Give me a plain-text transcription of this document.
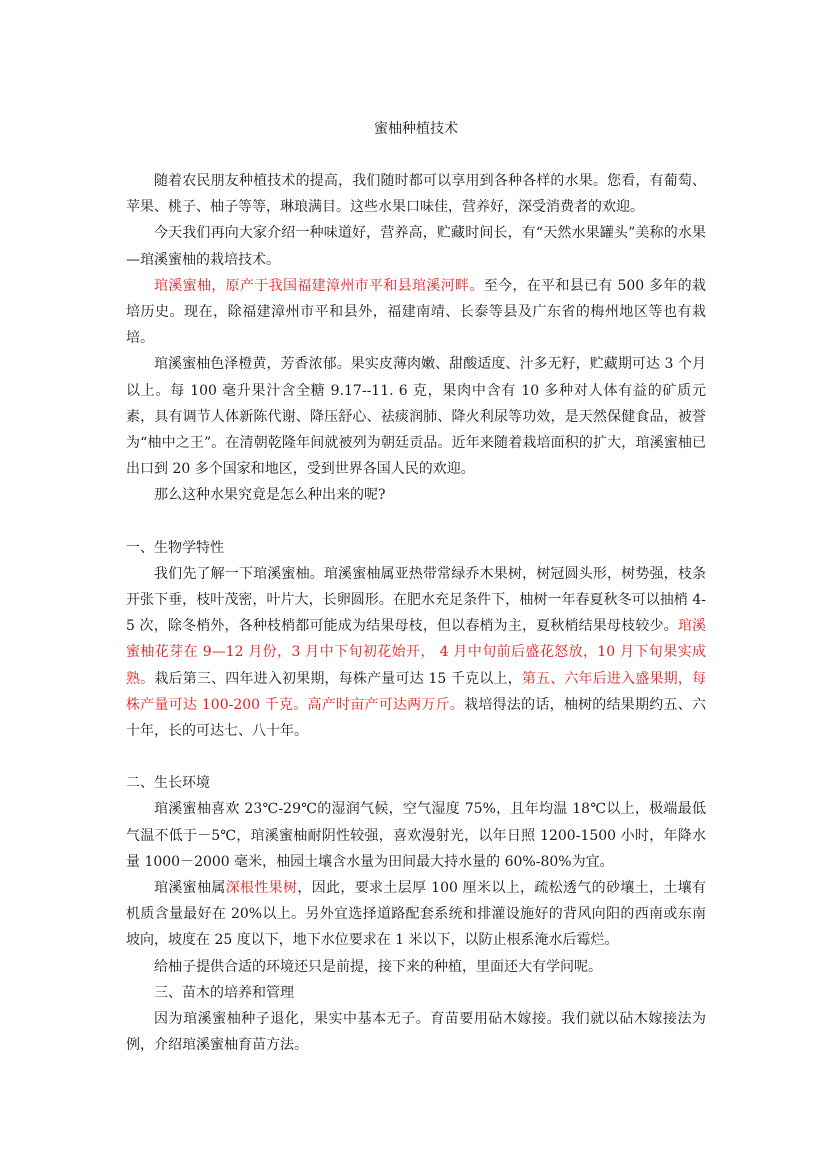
蜜柚种植技术

随着农民朋友种植技术的提高，我们随时都可以享用到各种各样的水果。您看，有葡萄、苹果、桃子、柚子等等，琳琅满目。这些水果口味佳，营养好，深受消费者的欢迎。

今天我们再向大家介绍一种味道好，营养高，贮藏时间长，有“天然水果罐头”美称的水果—琯溪蜜柚的栽培技术。

琯溪蜜柚，原产于我国福建漳州市平和县琯溪河畔。至今，在平和县已有 500 多年的栽培历史。现在，除福建漳州市平和县外，福建南靖、长泰等县及广东省的梅州地区等也有栽培。

琯溪蜜柚色泽橙黄，芳香浓郁。果实皮薄肉嫩、甜酸适度、汁多无籽，贮藏期可达 3 个月以上。每 100 毫升果汁含全糖 9.17--11. 6 克，果肉中含有 10 多种对人体有益的矿质元素，具有调节人体新陈代谢、降压舒心、祛痰润肺、降火利尿等功效，是天然保健食品，被誉为“柚中之王”。在清朝乾隆年间就被列为朝廷贡品。近年来随着栽培面积的扩大，琯溪蜜柚已出口到 20 多个国家和地区，受到世界各国人民的欢迎。

那么这种水果究竟是怎么种出来的呢?

一、生物学特性

我们先了解一下琯溪蜜柚。琯溪蜜柚属亚热带常绿乔木果树，树冠圆头形，树势强，枝条开张下垂，枝叶茂密，叶片大，长卵圆形。在肥水充足条件下，柚树一年春夏秋冬可以抽梢 4-5 次，除冬梢外，各种枝梢都可能成为结果母枝，但以春梢为主，夏秋梢结果母枝较少。琯溪蜜柚花芽在 9—12 月份，3 月中下旬初花始开， 4 月中旬前后盛花怒放，10 月下旬果实成熟。栽后第三、四年进入初果期，每株产量可达 15 千克以上，第五、六年后进入盛果期，每株产量可达 100-200 千克。高产时亩产可达两万斤。栽培得法的话，柚树的结果期约五、六十年，长的可达七、八十年。

二、生长环境

琯溪蜜柚喜欢 23℃-29℃的湿润气候，空气湿度 75%，且年均温 18℃以上，极端最低气温不低于－5℃，琯溪蜜柚耐阴性较强，喜欢漫射光，以年日照 1200-1500 小时，年降水量 1000－2000 毫米，柚园土壤含水量为田间最大持水量的 60%-80%为宜。

琯溪蜜柚属深根性果树，因此，要求土层厚 100 厘米以上，疏松透气的砂壤土，土壤有机质含量最好在 20%以上。另外宜选择道路配套系统和排灌设施好的背风向阳的西南或东南坡向，坡度在 25 度以下，地下水位要求在 1 米以下，以防止根系淹水后霉烂。

给柚子提供合适的环境还只是前提，接下来的种植，里面还大有学问呢。

三、苗木的培养和管理

因为琯溪蜜柚种子退化，果实中基本无子。育苗要用砧木嫁接。我们就以砧木嫁接法为例，介绍琯溪蜜柚育苗方法。
